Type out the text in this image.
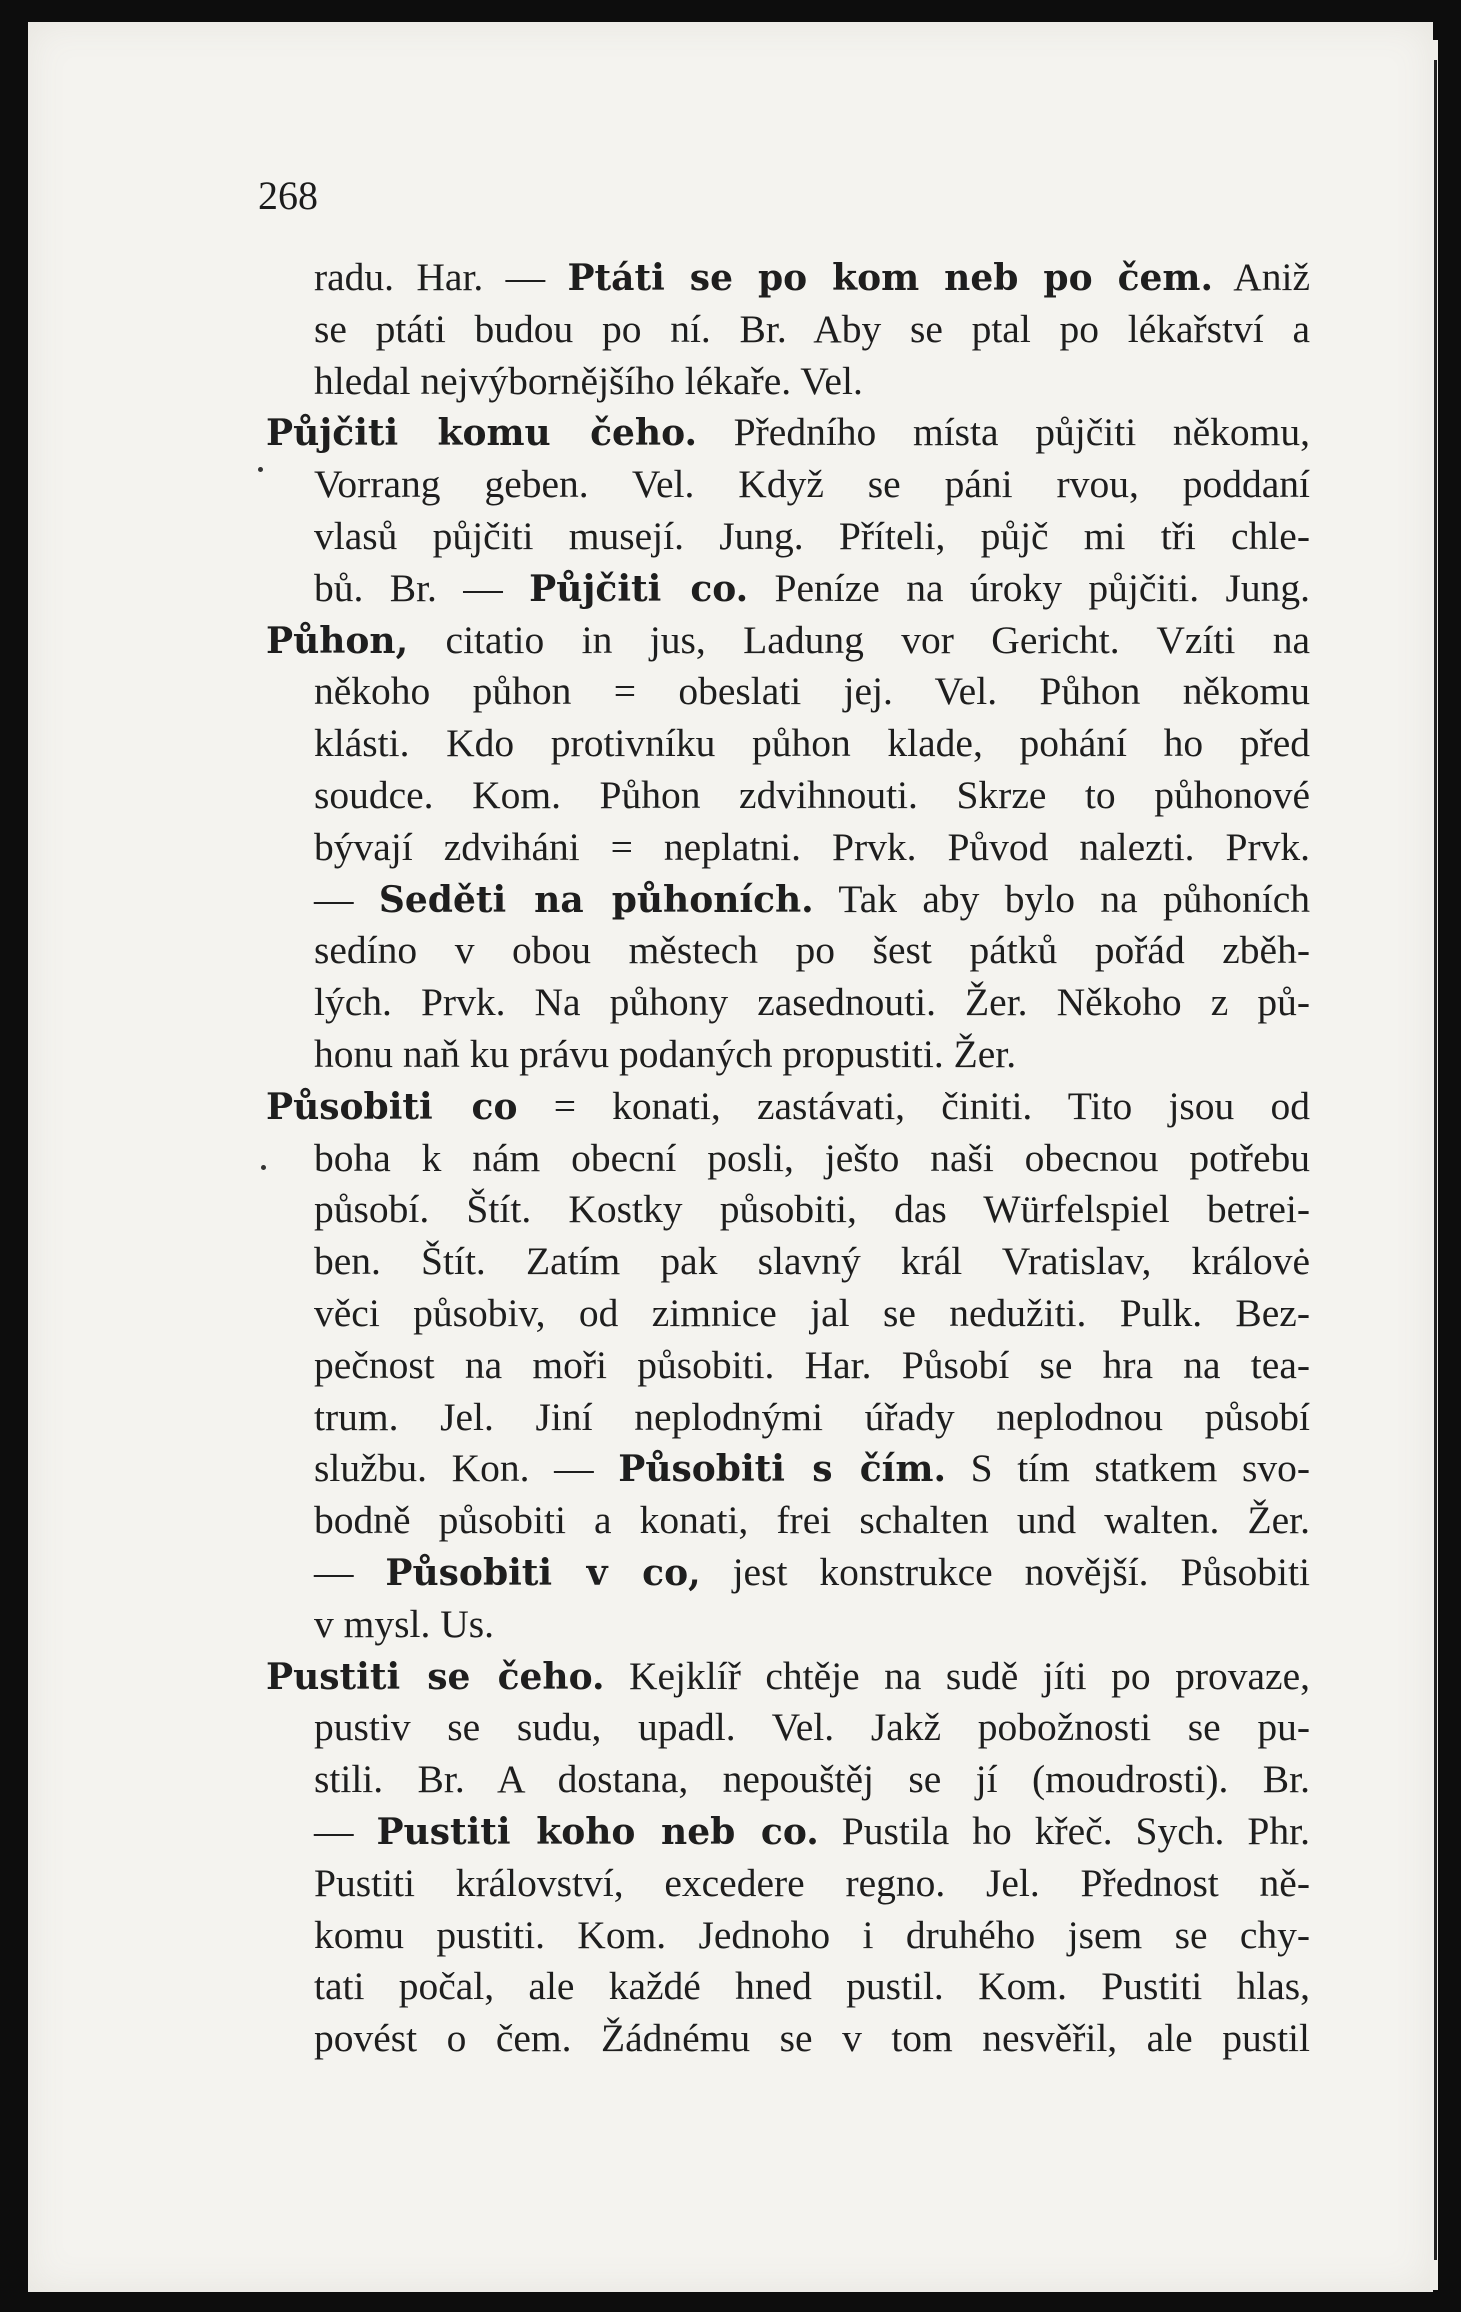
268
radu. Har. — Ptáti se po kom neb po čem. Aniž
se ptáti budou po ní. Br. Aby se ptal po lékařství a
hledal nejvýbornějšího lékaře. Vel.
Půjčiti komu čeho. Předního místa půjčiti někomu,
Vorrang geben. Vel. Když se páni rvou, poddaní
vlasů půjčiti musejí. Jung. Příteli, půjč mi tři chle-
bů. Br. — Půjčiti co. Peníze na úroky půjčiti. Jung.
Půhon, citatio in jus, Ladung vor Gericht. Vzíti na
někoho půhon = obeslati jej. Vel. Půhon někomu
klásti. Kdo protivníku půhon klade, pohání ho před
soudce. Kom. Půhon zdvihnouti. Skrze to půhonové
bývají zdviháni = neplatni. Prvk. Původ nalezti. Prvk.
— Seděti na půhoních. Tak aby bylo na půhoních
sedíno v obou městech po šest pátků pořád zběh-
lých. Prvk. Na půhony zasednouti. Žer. Někoho z pů-
honu naň ku právu podaných propustiti. Žer.
Působiti co = konati, zastávati, činiti. Tito jsou od
boha k nám obecní posli, ješto naši obecnou potřebu
působí. Štít. Kostky působiti, das Würfelspiel betrei-
ben. Štít. Zatím pak slavný král Vratislav, královė
věci působiv, od zimnice jal se nedužiti. Pulk. Bez-
pečnost na moři působiti. Har. Působí se hra na tea-
trum. Jel. Jiní neplodnými úřady neplodnou působí
službu. Kon. — Působiti s čím. S tím statkem svo-
bodně působiti a konati, frei schalten und walten. Žer.
— Působiti v co, jest konstrukce novější. Působiti
v mysl. Us.
Pustiti se čeho. Kejklíř chtěje na sudě jíti po provaze,
pustiv se sudu, upadl. Vel. Jakž pobožnosti se pu-
stili. Br. A dostana, nepouštěj se jí (moudrosti). Br.
— Pustiti koho neb co. Pustila ho křeč. Sych. Phr.
Pustiti království, excedere regno. Jel. Přednost ně-
komu pustiti. Kom. Jednoho i druhého jsem se chy-
tati počal, ale každé hned pustil. Kom. Pustiti hlas,
povést o čem. Žádnému se v tom nesvěřil, ale pustil
